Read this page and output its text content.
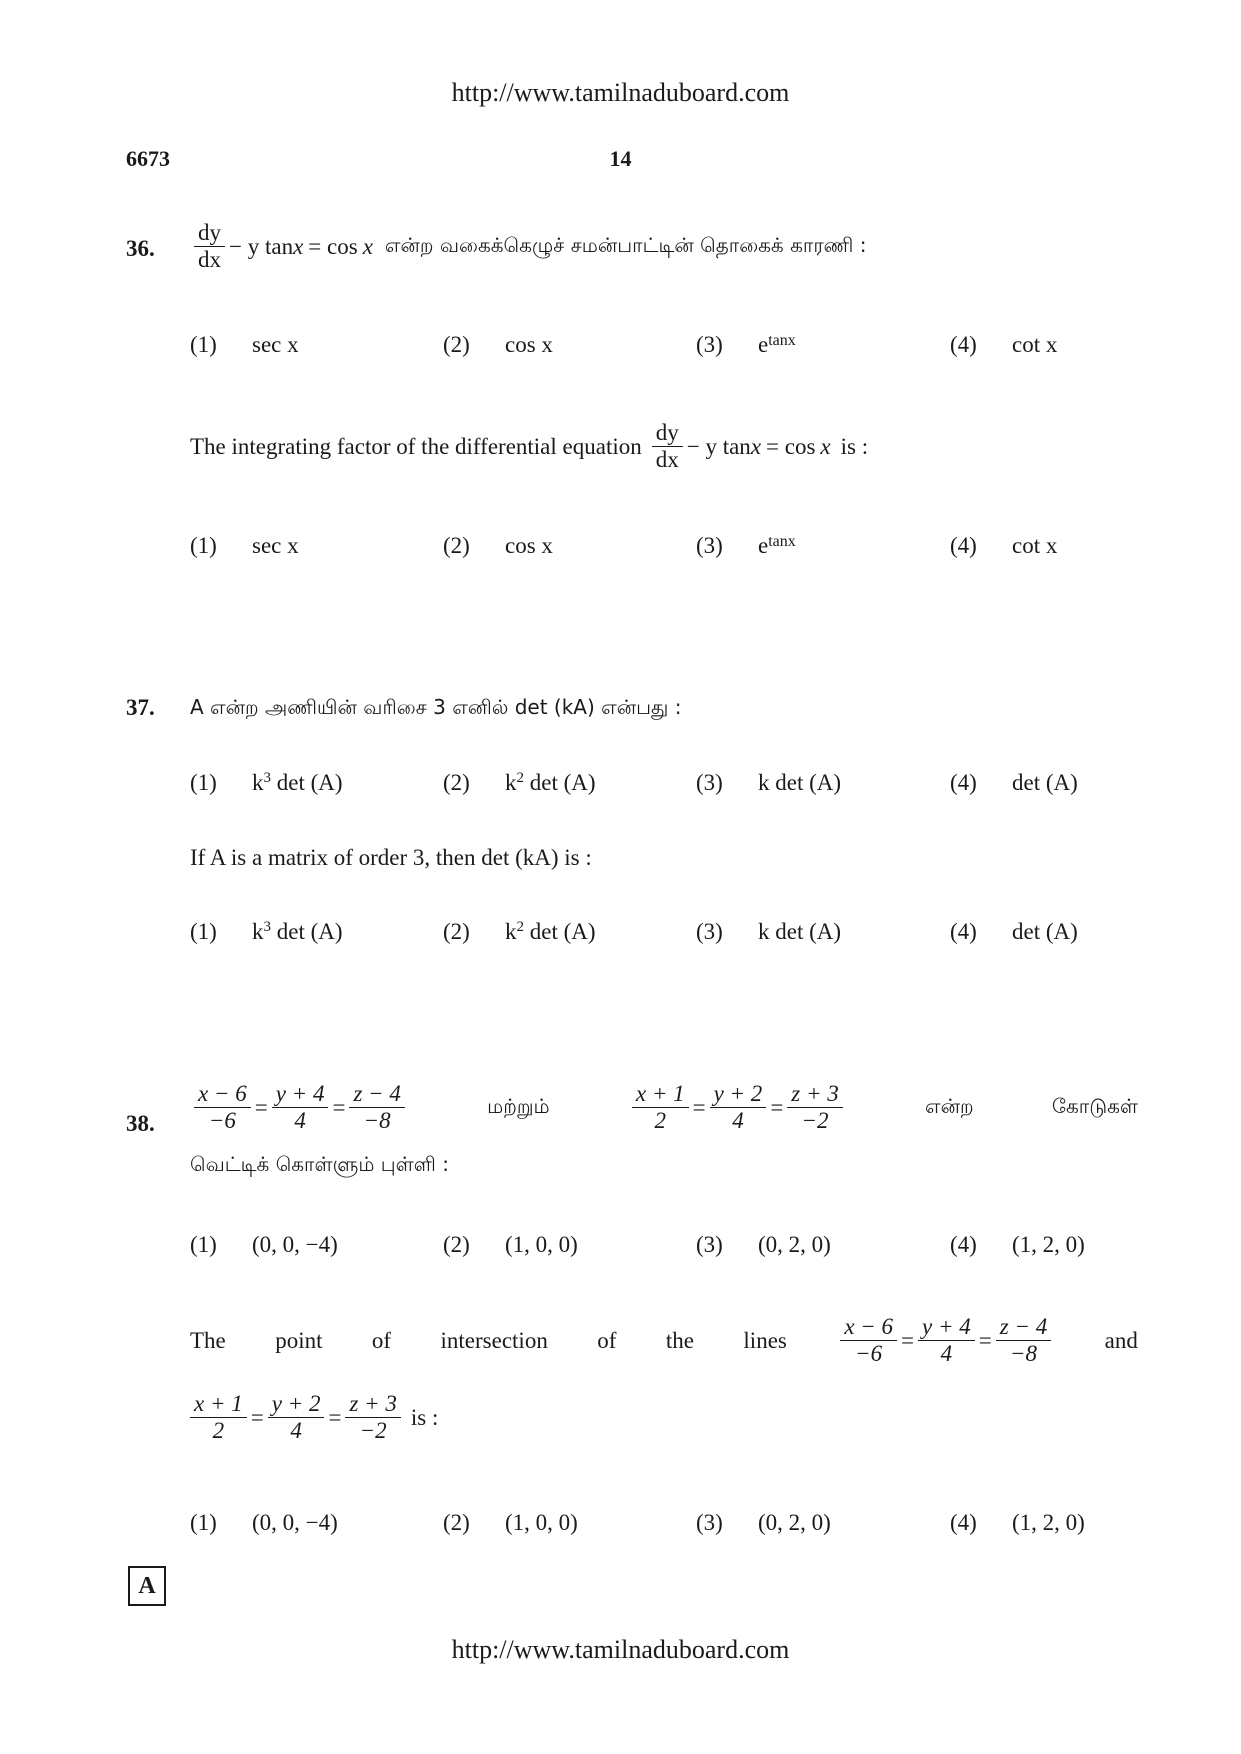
http://www.tamilnaduboard.com
6673	14
36. $\frac{dy}{dx} - y$ tan x = cos x என்ற வகைக்கெழுச் சமன்பாட்டின் தொகைக் காரணி :
(1)	sec x	(2)	cos x	(3)	e tanx	(4)	cot x
The integrating factor of the differential equation $\frac{dy}{dx} - y$ tan x = cos x is :
(1)	sec x	(2)	cos x	(3)	e tanx	(4)	cot x
37. A என்ற அணியின் வரிசை 3 எனில் det (kA) என்பது :
(1)	k 3 det (A)	(2)	k 2 det (A)	(3)	k det (A)	(4)	det (A)
If A is a matrix of order 3, then det (kA) is :
(1)	k 3 det (A)	(2)	k 2 det (A)	(3)	k det (A)	(4)	det (A)
38. $\frac{x - 6}{-6} = \frac{y + 4}{4} = \frac{z - 4}{-8}$	மற்றும்	$\frac{x + 1}{2} = \frac{y + 2}{4} = \frac{z + 3}{-2}$	என்ற	கோடுகள்
வெட்டிக் கொள்ளும் புள்ளி :
(1)	(0, 0, −4)	(2)	(1, 0, 0)	(3)	(0, 2, 0)	(4)	(1, 2, 0)
The point of intersection of the lines $\frac{x - 6}{-6} = \frac{y + 4}{4} = \frac{z - 4}{-8}$ and
$\frac{x + 1}{2} = \frac{y + 2}{4} = \frac{z + 3}{-2}$ is :
(1)	(0, 0, −4)	(2)	(1, 0, 0)	(3)	(0, 2, 0)	(4)	(1, 2, 0)
A
http://www.tamilnaduboard.com
